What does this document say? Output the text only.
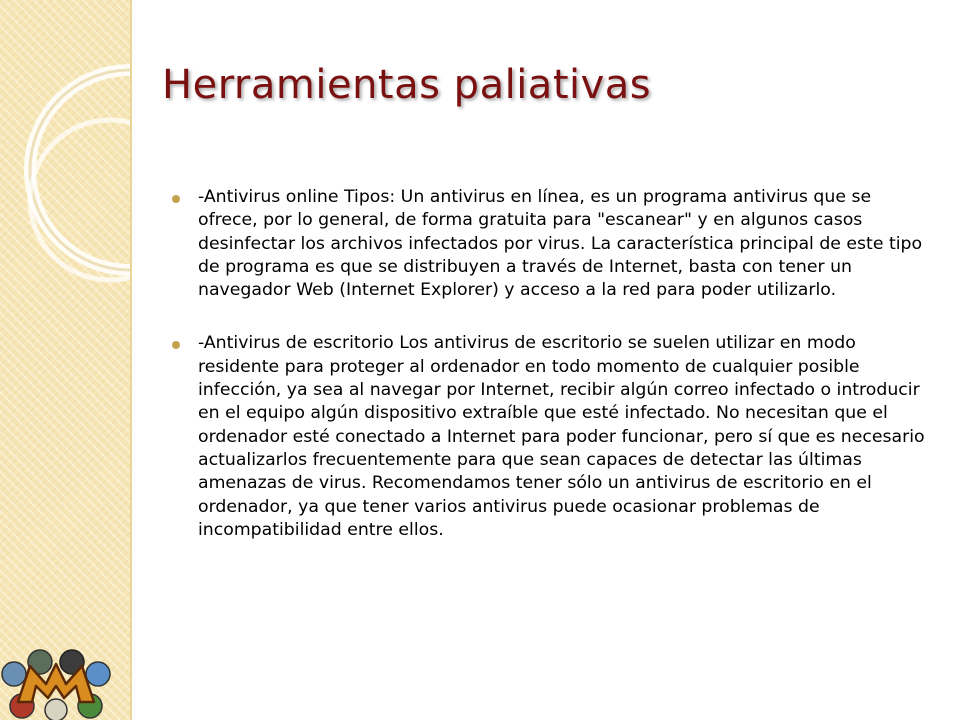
Herramientas paliativas

-Antivirus online Tipos: Un antivirus en línea, es un programa antivirus que se ofrece, por lo general, de forma gratuita para "escanear" y en algunos casos desinfectar los archivos infectados por virus. La característica principal de este tipo de programa es que se distribuyen a través de Internet, basta con tener un navegador Web (Internet Explorer) y acceso a la red para poder utilizarlo.

-Antivirus de escritorio Los antivirus de escritorio se suelen utilizar en modo residente para proteger al ordenador en todo momento de cualquier posible infección, ya sea al navegar por Internet, recibir algún correo infectado o introducir en el equipo algún dispositivo extraíble que esté infectado. No necesitan que el ordenador esté conectado a Internet para poder funcionar, pero sí que es necesario actualizarlos frecuentemente para que sean capaces de detectar las últimas amenazas de virus. Recomendamos tener sólo un antivirus de escritorio en el ordenador, ya que tener varios antivirus puede ocasionar problemas de incompatibilidad entre ellos.
